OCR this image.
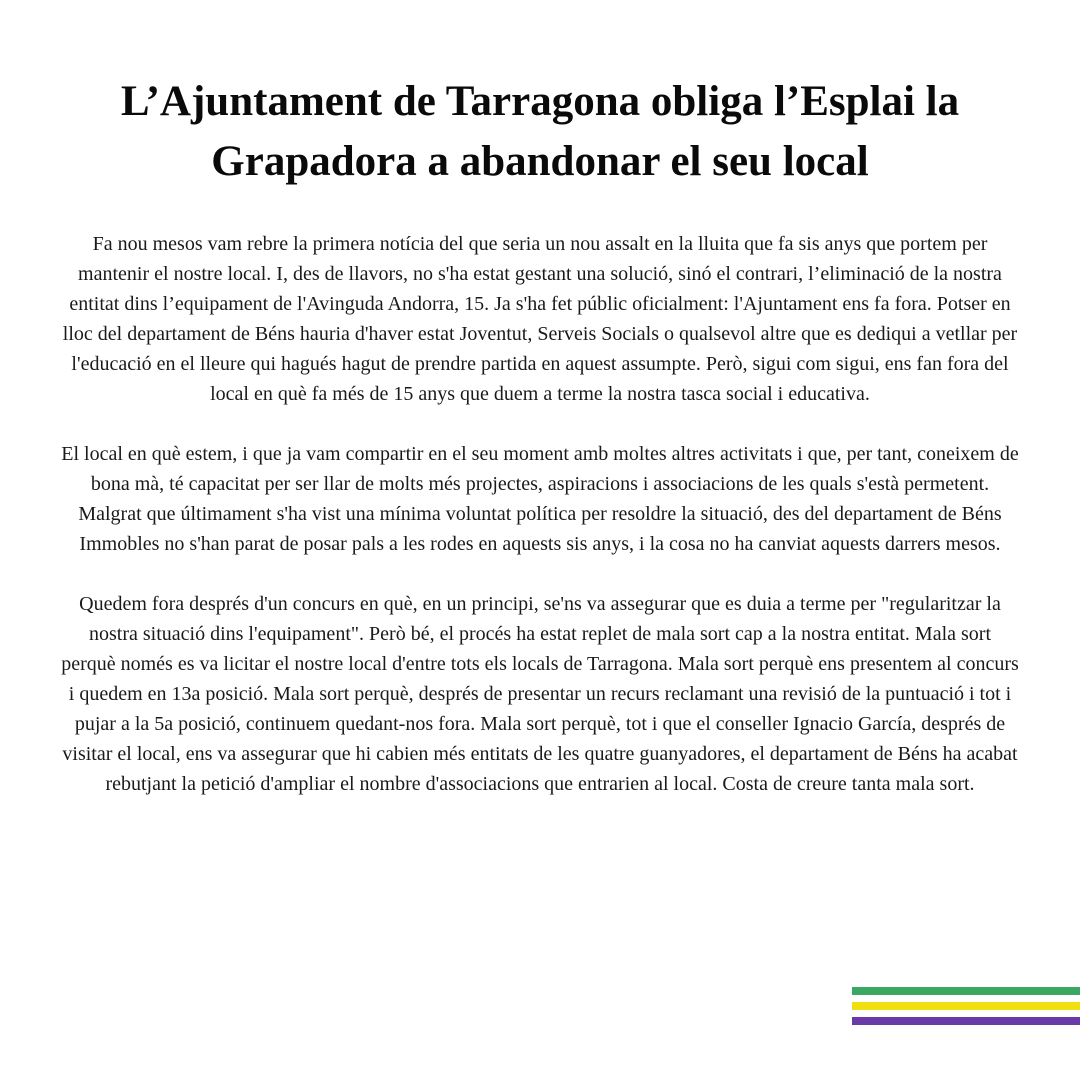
L’Ajuntament de Tarragona obliga l’Esplai la Grapadora a abandonar el seu local

Fa nou mesos vam rebre la primera notícia del que seria un nou assalt en la lluita que fa sis anys que portem per mantenir el nostre local. I, des de llavors, no s'ha estat gestant una solució, sinó el contrari, l’eliminació de la nostra entitat dins l’equipament de l'Avinguda Andorra, 15. Ja s'ha fet públic oficialment: l'Ajuntament ens fa fora. Potser en lloc del departament de Béns hauria d'haver estat Joventut, Serveis Socials o qualsevol altre que es dediqui a vetllar per l'educació en el lleure qui hagués hagut de prendre partida en aquest assumpte. Però, sigui com sigui, ens fan fora del local en què fa més de 15 anys que duem a terme la nostra tasca social i educativa.

El local en què estem, i que ja vam compartir en el seu moment amb moltes altres activitats i que, per tant, coneixem de bona mà, té capacitat per ser llar de molts més projectes, aspiracions i associacions de les quals s'està permetent. Malgrat que últimament s'ha vist una mínima voluntat política per resoldre la situació, des del departament de Béns Immobles no s'han parat de posar pals a les rodes en aquests sis anys, i la cosa no ha canviat aquests darrers mesos.

Quedem fora després d'un concurs en què, en un principi, se'ns va assegurar que es duia a terme per "regularitzar la nostra situació dins l'equipament". Però bé, el procés ha estat replet de mala sort cap a la nostra entitat. Mala sort perquè només es va licitar el nostre local d'entre tots els locals de Tarragona. Mala sort perquè ens presentem al concurs i quedem en 13a posició. Mala sort perquè, després de presentar un recurs reclamant una revisió de la puntuació i tot i pujar a la 5a posició, continuem quedant-nos fora. Mala sort perquè, tot i que el conseller Ignacio García, després de visitar el local, ens va assegurar que hi cabien més entitats de les quatre guanyadores, el departament de Béns ha acabat rebutjant la petició d'ampliar el nombre d'associacions que entrarien al local. Costa de creure tanta mala sort.
